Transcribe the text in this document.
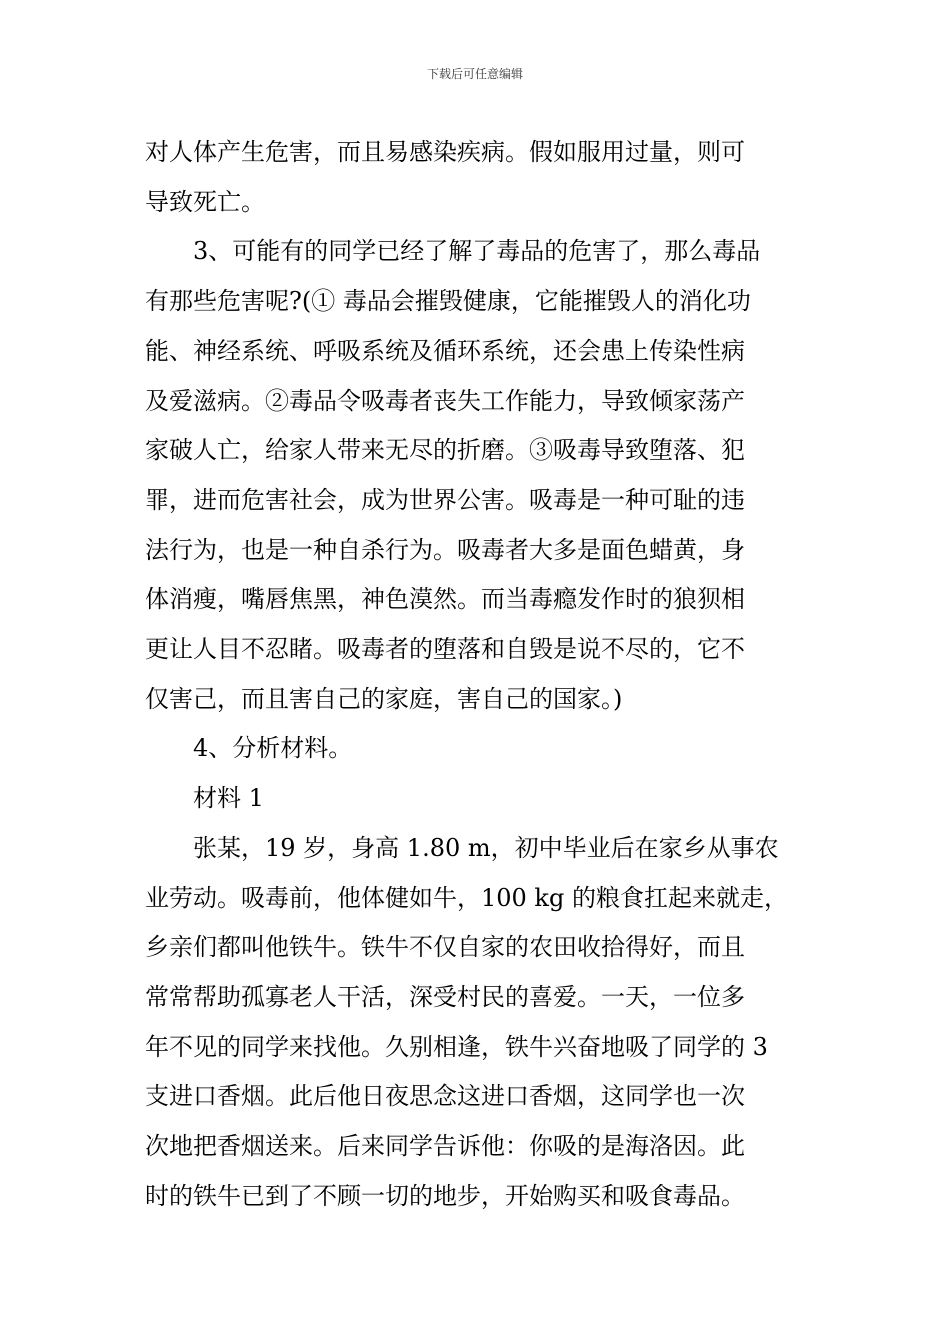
下载后可任意编辑

对人体产生危害，而且易感染疾病。假如服用过量，则可
导致死亡。

3、可能有的同学已经了解了毒品的危害了，那么毒品
有那些危害呢?(① 毒品会摧毁健康，它能摧毁人的消化功
能、神经系统、呼吸系统及循环系统，还会患上传染性病
及爱滋病。②毒品令吸毒者丧失工作能力，导致倾家荡产
家破人亡，给家人带来无尽的折磨。③吸毒导致堕落、犯
罪，进而危害社会，成为世界公害。吸毒是一种可耻的违
法行为，也是一种自杀行为。吸毒者大多是面色蜡黄，身
体消瘦，嘴唇焦黑，神色漠然。而当毒瘾发作时的狼狈相
更让人目不忍睹。吸毒者的堕落和自毁是说不尽的，它不
仅害己，而且害自己的家庭，害自己的国家。)

4、分析材料。

材料 1

张某，19 岁，身高 1.80 m，初中毕业后在家乡从事农
业劳动。吸毒前，他体健如牛，100 kg 的粮食扛起来就走，
乡亲们都叫他铁牛。铁牛不仅自家的农田收拾得好，而且
常常帮助孤寡老人干活，深受村民的喜爱。一天，一位多
年不见的同学来找他。久别相逢，铁牛兴奋地吸了同学的 3
支进口香烟。此后他日夜思念这进口香烟，这同学也一次
次地把香烟送来。后来同学告诉他：你吸的是海洛因。此
时的铁牛已到了不顾一切的地步，开始购买和吸食毒品。
